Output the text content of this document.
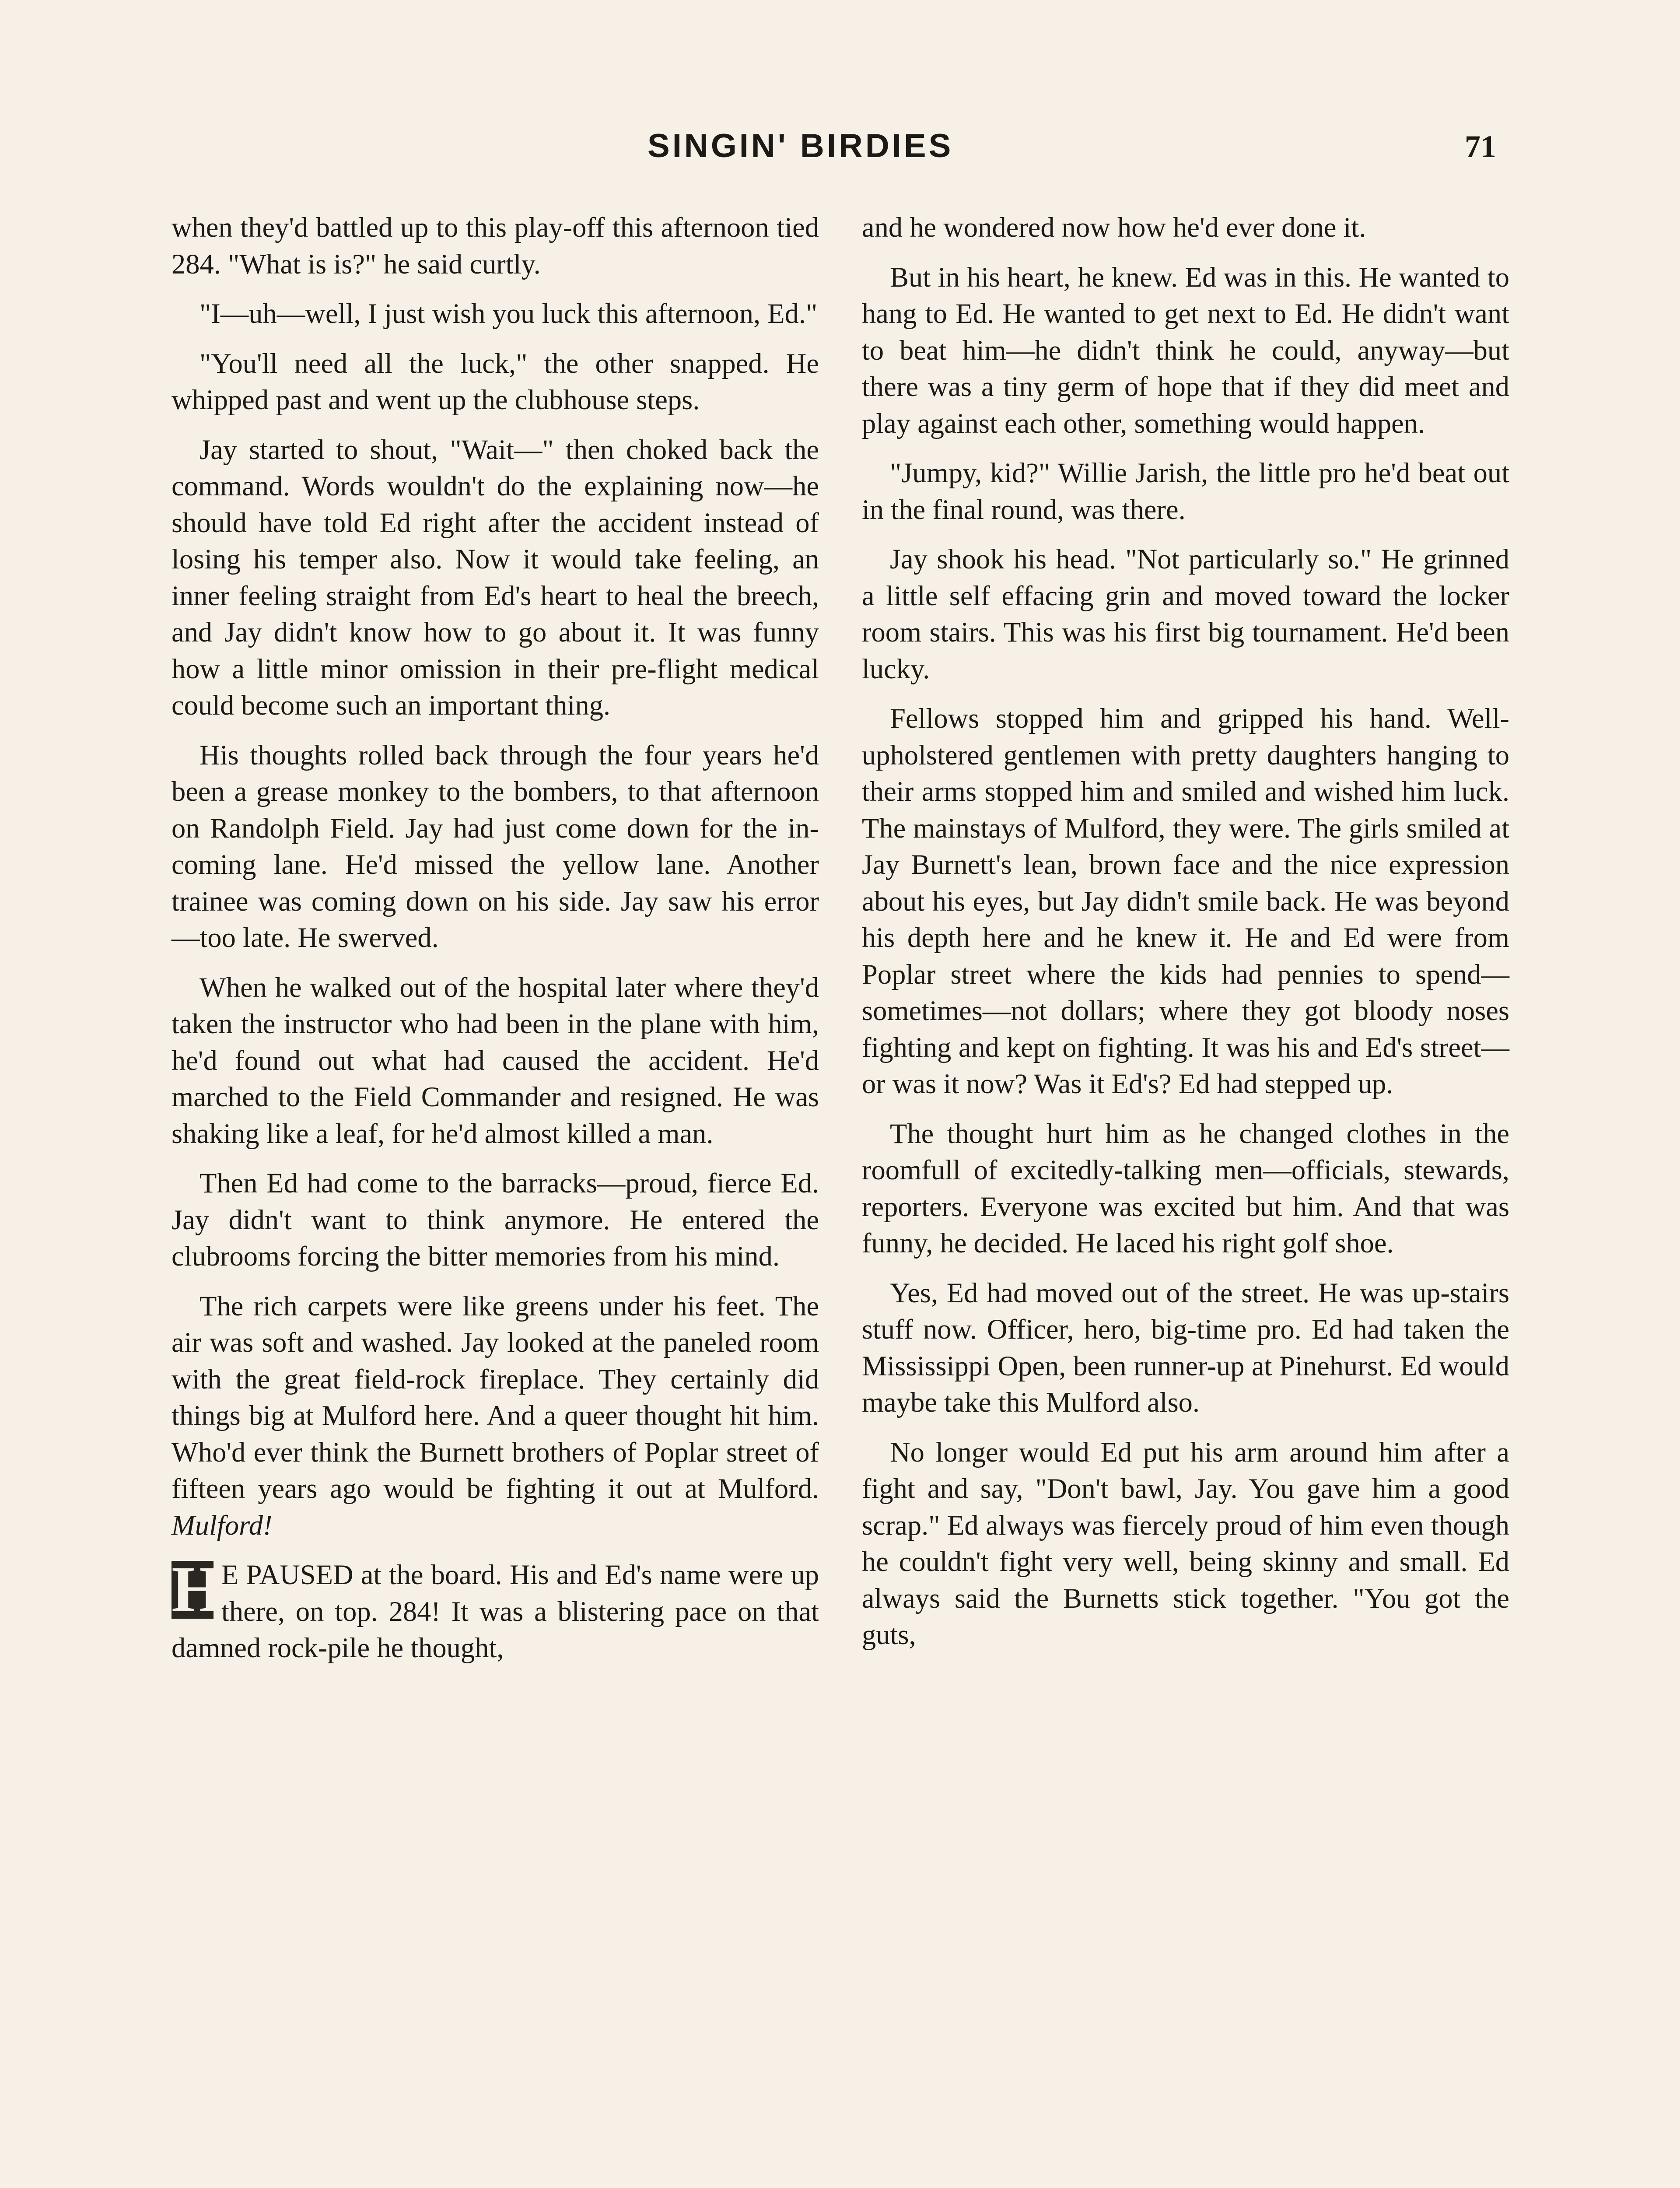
SINGIN' BIRDIES	71

when they'd battled up to this play-off this afternoon tied 284. "What is is?" he said curtly.

"I—uh—well, I just wish you luck this afternoon, Ed."

"You'll need all the luck," the other snapped. He whipped past and went up the clubhouse steps.

Jay started to shout, "Wait—" then choked back the command. Words wouldn't do the explaining now—he should have told Ed right after the accident instead of losing his temper also. Now it would take feeling, an inner feeling straight from Ed's heart to heal the breech, and Jay didn't know how to go about it. It was funny how a little minor omission in their pre-flight medical could become such an important thing.

His thoughts rolled back through the four years he'd been a grease monkey to the bombers, to that afternoon on Randolph Field. Jay had just come down for the in-coming lane. He'd missed the yellow lane. Another trainee was coming down on his side. Jay saw his error—too late. He swerved.

When he walked out of the hospital later where they'd taken the instructor who had been in the plane with him, he'd found out what had caused the accident. He'd marched to the Field Commander and resigned. He was shaking like a leaf, for he'd almost killed a man.

Then Ed had come to the barracks—proud, fierce Ed. Jay didn't want to think anymore. He entered the clubrooms forcing the bitter memories from his mind.

The rich carpets were like greens under his feet. The air was soft and washed. Jay looked at the paneled room with the great field-rock fireplace. They certainly did things big at Mulford here. And a queer thought hit him. Who'd ever think the Burnett brothers of Poplar street of fifteen years ago would be fighting it out at Mulford. Mulford!

H
E PAUSED at the board. His and Ed's name were up there, on top. 284! It was a blistering pace on that damned rock-pile he thought,

and he wondered now how he'd ever done it.

But in his heart, he knew. Ed was in this. He wanted to hang to Ed. He wanted to get next to Ed. He didn't want to beat him—he didn't think he could, anyway—but there was a tiny germ of hope that if they did meet and play against each other, something would happen.

"Jumpy, kid?" Willie Jarish, the little pro he'd beat out in the final round, was there.

Jay shook his head. "Not particularly so." He grinned a little self effacing grin and moved toward the locker room stairs. This was his first big tournament. He'd been lucky.

Fellows stopped him and gripped his hand. Well-upholstered gentlemen with pretty daughters hanging to their arms stopped him and smiled and wished him luck. The mainstays of Mulford, they were. The girls smiled at Jay Burnett's lean, brown face and the nice expression about his eyes, but Jay didn't smile back. He was beyond his depth here and he knew it. He and Ed were from Poplar street where the kids had pennies to spend—sometimes—not dollars; where they got bloody noses fighting and kept on fighting. It was his and Ed's street—or was it now? Was it Ed's? Ed had stepped up.

The thought hurt him as he changed clothes in the roomfull of excitedly-talking men—officials, stewards, reporters. Everyone was excited but him. And that was funny, he decided. He laced his right golf shoe.

Yes, Ed had moved out of the street. He was up-stairs stuff now. Officer, hero, big-time pro. Ed had taken the Mississippi Open, been runner-up at Pinehurst. Ed would maybe take this Mulford also.

No longer would Ed put his arm around him after a fight and say, "Don't bawl, Jay. You gave him a good scrap." Ed always was fiercely proud of him even though he couldn't fight very well, being skinny and small. Ed always said the Burnetts stick together. "You got the guts,
